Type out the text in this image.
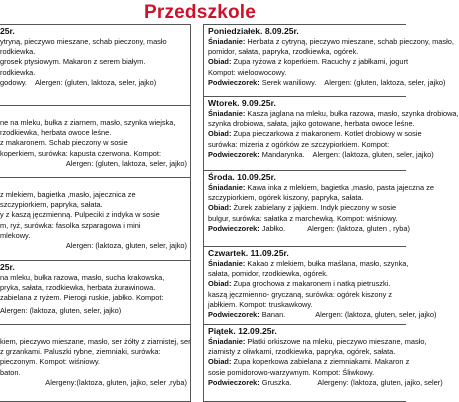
Przedszkole
25r.
ytryną, pieczywo mieszane, schab pieczony, masło
rodkiewka.
grosek ptysiowym. Makaron z serem białym.
rodkiewka.
godowy. Alergen: (gluten, laktoza, seler, jajko)

ne na mleku, bułka z ziarnem, masło, szynka wiejska,
rzodkiewka, herbata owoce leśne.
z makaronem. Schab pieczony w sosie
koperkiem, surówka: kapusta czerwona. Kompot:
Alergen: (gluten, laktoza, seler, jajko)

z mlekiem, bagietka ,masło, jajecznica ze
szczypiorkiem, papryka, sałata.
y z kaszą jęczmienną. Pulpeciki z indyka w sosie
m, ryż, surówka: fasolka szparagowa i mini
mlekowy.
Alergen: (laktoza, gluten, seler, jajko)
25r.
na mleku, bułka razowa, masło, sucha krakowska,
pryka, sałata, rzodkiewka, herbata żurawinowa.
zabielana z ryżem. Pierogi ruskie, jabłko. Kompot:
Alergen: (laktoza, gluten, seler, jajko)

kiem, pieczywo mieszane, masło, ser żółty z ziarnistej, ser
z grzankami. Paluszki rybne, ziemniaki, surówka:
pieczonym. Kompot: wiśniowy.
baton.
Alergeny:(laktoza, gluten, jajko, seler ,ryba)
Poniedziałek. 8.09.25r.
Śniadanie: Herbata z cytryną, pieczywo mieszane, schab pieczony, masło,
pomidor, sałata, papryka, rzodkiewka, ogórek.
Obiad: Zupa ryżowa z koperkiem. Racuchy z jabłkami, jogurt
Kompot: wieloowocowy.
Podwieczorek: Serek waniliowy. Alergen: (gluten, laktoza, seler, jajko)
Wtorek. 9.09.25r.
Śniadanie: Kasza jaglana na mleku, bułka razowa, masło, szynka drobiowa,
szynka drobiowa, sałata, jajko gotowane, herbata owoce leśne.
Obiad: Zupa pieczarkowa z makaronem. Kotlet drobiowy w sosie
surówka: mizeria z ogórków ze szczypiorkiem. Kompot:
Podwieczorek: Mandarynka. Alergen: (laktoza, gluten, seler, jajko)
Środa. 10.09.25r.
Śniadanie: Kawa inka z mlekiem, bagietka ,masło, pasta jajeczna ze
szczypiorkiem, ogórek kiszony, papryka, sałata.
Obiad: Żurek zabielany z jajkiem. Indyk pieczony w sosie
bulgur, surówka: sałatka z marchewką. Kompot: wiśniowy.
Podwieczorek: Jabłko.	Alergen: (laktoza, gluten , ryba)
Czwartek. 11.09.25r.
Śniadanie: Kakao z mlekiem, bułka maślana, masło, szynka,
sałata, pomidor, rzodkiewka, ogórek.
Obiad: Zupa grochowa z makaronem i natką pietruszki.
kaszą jęczmienno- gryczaną, surówka: ogórek kiszony z
jabłkiem. Kompot: truskawkowy.
Podwieczorek: Banan.	Alergen: (laktoza, gluten, seler, jajko)
Piątek. 12.09.25r.
Śniadanie: Płatki orkiszowe na mleku, pieczywo mieszane, masło,
ziarnisty z oliwkami, rzodkiewka, papryka, ogórek, sałata.
Obiad: Zupa koperkowa zabielana z ziemniakami. Makaron z
sosie pomidorowo-warzywnym. Kompot: Śliwkowy.
Podwieczorek: Gruszka.	Alergeny: (laktoza, gluten, jajko, seler)
